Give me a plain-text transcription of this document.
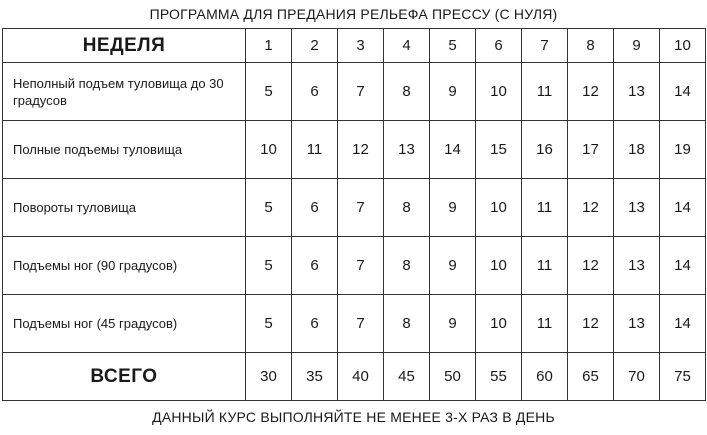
ПРОГРАММА ДЛЯ ПРЕДАНИЯ РЕЛЬЕФА ПРЕССУ (С НУЛЯ)
НЕДЕЛЯ	1	2	3	4	5	6	7	8	9	10
Неполный подъем туловища до 30 градусов	5	6	7	8	9	10	11	12	13	14
Полные подъемы туловища	10	11	12	13	14	15	16	17	18	19
Повороты туловища	5	6	7	8	9	10	11	12	13	14
Подъемы ног (90 градусов)	5	6	7	8	9	10	11	12	13	14
Подъемы ног (45 градусов)	5	6	7	8	9	10	11	12	13	14
ВСЕГО	30	35	40	45	50	55	60	65	70	75
ДАННЫЙ КУРС ВЫПОЛНЯЙТЕ НЕ МЕНЕЕ 3-Х РАЗ В ДЕНЬ
